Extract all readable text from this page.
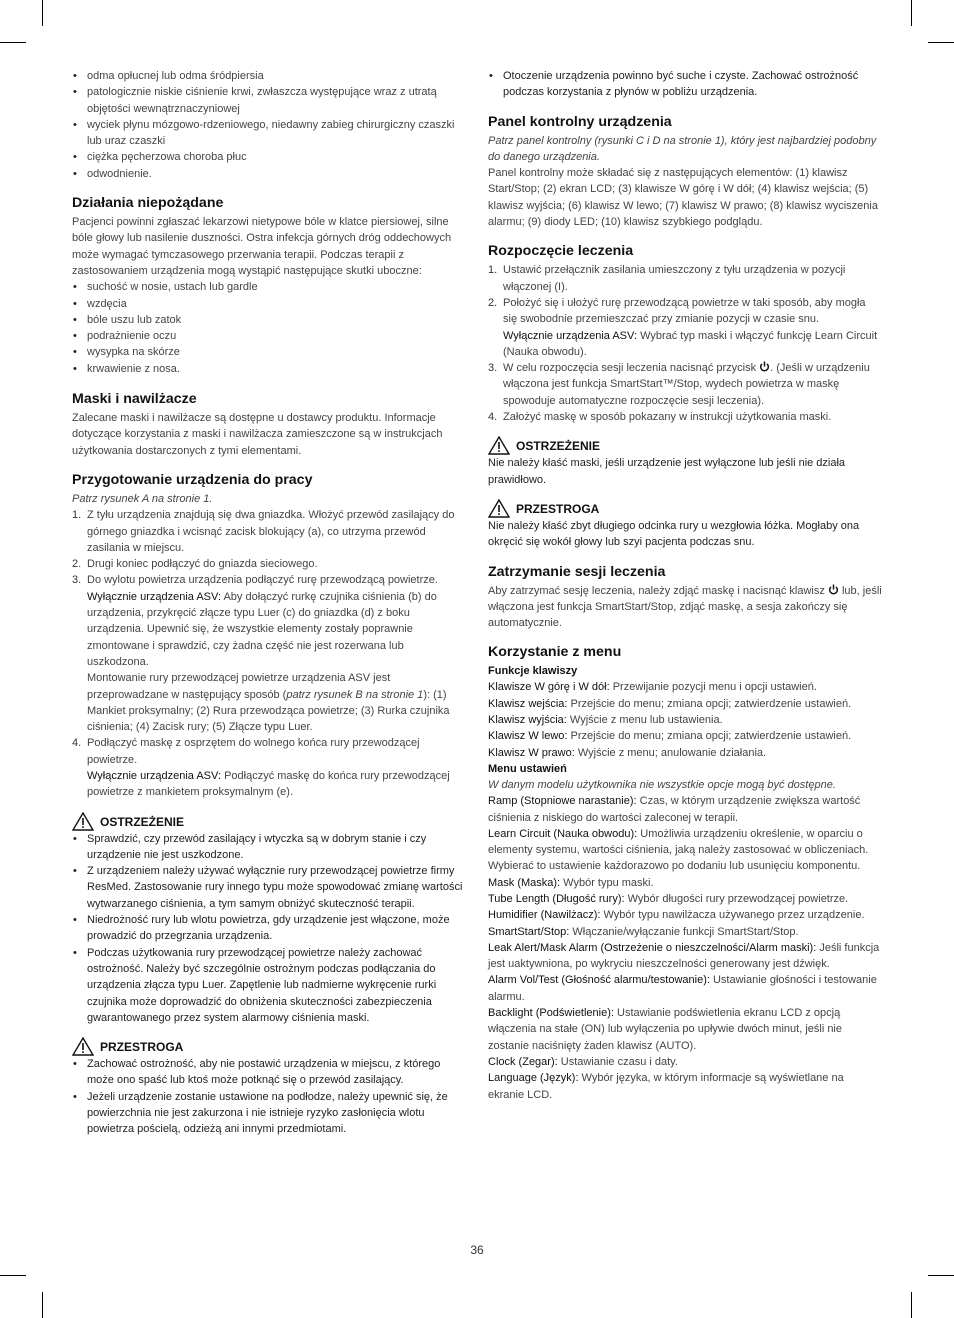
• odma opłucnej lub odma śródpiersia
• patologicznie niskie ciśnienie krwi, zwłaszcza występujące wraz z utratą objętości wewnątrznaczyniowej
• wyciek płynu mózgowo-rdzeniowego, niedawny zabieg chirurgiczny czaszki lub uraz czaszki
• ciężka pęcherzowa choroba płuc
• odwodnienie.
Działania niepożądane

Pacjenci powinni zgłaszać lekarzowi nietypowe bóle w klatce piersiowej, silne bóle głowy lub nasilenie duszności. Ostra infekcja górnych dróg oddechowych może wymagać tymczasowego przerwania terapii. Podczas terapii z zastosowaniem urządzenia mogą wystąpić następujące skutki uboczne:

• suchość w nosie, ustach lub gardle
• wzdęcia
• bóle uszu lub zatok
• podrażnienie oczu
• wysypka na skórze
• krwawienie z nosa.
Maski i nawilżacze

Zalecane maski i nawilżacze są dostępne u dostawcy produktu. Informacje dotyczące korzystania z maski i nawilżacza zamieszczone są w instrukcjach użytkowania dostarczonych z tymi elementami.

Przygotowanie urządzenia do pracy

Patrz rysunek A na stronie 1.

1. Z tyłu urządzenia znajdują się dwa gniazdka. Włożyć przewód zasilający do górnego gniazdka i wcisnąć zacisk blokujący (a), co utrzyma przewód zasilania w miejscu.
2. Drugi koniec podłączyć do gniazda sieciowego.
3. Do wylotu powietrza urządzenia podłączyć rurę przewodzącą powietrze.
Wyłącznie urządzenia ASV: Aby dołączyć rurkę czujnika ciśnienia (b) do urządzenia, przykręcić złącze typu Luer (c) do gniazdka (d) z boku urządzenia. Upewnić się, że wszystkie elementy zostały poprawnie zmontowane i sprawdzić, czy żadna część nie jest rozerwana lub uszkodzona.
Montowanie rury przewodzącej powietrze urządzenia ASV jest przeprowadzane w następujący sposób (patrz rysunek B na stronie 1): (1) Mankiet proksymalny; (2) Rura przewodząca powietrze; (3) Rurka czujnika ciśnienia; (4) Zacisk rury; (5) Złącze typu Luer.
4. Podłączyć maskę z osprzętem do wolnego końca rury przewodzącej powietrze.
Wyłącznie urządzenia ASV: Podłączyć maskę do końca rury przewodzącej powietrze z mankietem proksymalnym (e).
OSTRZEŻENIE
• Sprawdzić, czy przewód zasilający i wtyczka są w dobrym stanie i czy urządzenie nie jest uszkodzone.
• Z urządzeniem należy używać wyłącznie rury przewodzącej powietrze firmy ResMed. Zastosowanie rury innego typu może spowodować zmianę wartości wytwarzanego ciśnienia, a tym samym obniżyć skuteczność terapii.
• Niedrożność rury lub wlotu powietrza, gdy urządzenie jest włączone, może prowadzić do przegrzania urządzenia.
• Podczas użytkowania rury przewodzącej powietrze należy zachować ostrożność. Należy być szczególnie ostrożnym podczas podłączania do urządzenia złącza typu Luer. Zapętlenie lub nadmierne wykręcenie rurki czujnika może doprowadzić do obniżenia skuteczności zabezpieczenia gwarantowanego przez system alarmowy ciśnienia maski.
PRZESTROGA
• Zachować ostrożność, aby nie postawić urządzenia w miejscu, z którego może ono spaść lub ktoś może potknąć się o przewód zasilający.
• Jeżeli urządzenie zostanie ustawione na podłodze, należy upewnić się, że powierzchnia nie jest zakurzona i nie istnieje ryzyko zasłonięcia wlotu powietrza pościelą, odzieżą ani innymi przedmiotami.
• Otoczenie urządzenia powinno być suche i czyste. Zachować ostrożność podczas korzystania z płynów w pobliżu urządzenia.
Panel kontrolny urządzenia

Patrz panel kontrolny (rysunki C i D na stronie 1), który jest najbardziej podobny do danego urządzenia.

Panel kontrolny może składać się z następujących elementów: (1) klawisz Start/Stop; (2) ekran LCD; (3) klawisze W górę i W dół; (4) klawisz wejścia; (5) klawisz wyjścia; (6) klawisz W lewo; (7) klawisz W prawo; (8) klawisz wyciszenia alarmu; (9) diody LED; (10) klawisz szybkiego podglądu.

Rozpoczęcie leczenia
1. Ustawić przełącznik zasilania umieszczony z tyłu urządzenia w pozycji włączonej (I).
2. Położyć się i ułożyć rurę przewodzącą powietrze w taki sposób, aby mogła się swobodnie przemieszczać przy zmianie pozycji w czasie snu.
Wyłącznie urządzenia ASV: Wybrać typ maski i włączyć funkcję Learn Circuit (Nauka obwodu).
3. W celu rozpoczęcia sesji leczenia nacisnąć przycisk . (Jeśli w urządzeniu włączona jest funkcja SmartStart™/Stop, wydech powietrza w maskę spowoduje automatyczne rozpoczęcie sesji leczenia).
4. Założyć maskę w sposób pokazany w instrukcji użytkowania maski.
OSTRZEŻENIE

Nie należy kłaść maski, jeśli urządzenie jest wyłączone lub jeśli nie działa prawidłowo.

PRZESTROGA

Nie należy kłaść zbyt długiego odcinka rury u wezgłowia łóżka. Mogłaby ona okręcić się wokół głowy lub szyi pacjenta podczas snu.

Zatrzymanie sesji leczenia

Aby zatrzymać sesję leczenia, należy zdjąć maskę i nacisnąć klawisz  lub, jeśli włączona jest funkcja SmartStart/Stop, zdjąć maskę, a sesja zakończy się automatycznie.

Korzystanie z menu
Funkcje klawiszy

Klawisze W górę i W dół: Przewijanie pozycji menu i opcji ustawień.

Klawisz wejścia: Przejście do menu; zmiana opcji; zatwierdzenie ustawień.

Klawisz wyjścia: Wyjście z menu lub ustawienia.

Klawisz W lewo: Przejście do menu; zmiana opcji; zatwierdzenie ustawień.

Klawisz W prawo: Wyjście z menu; anulowanie działania.

Menu ustawień

W danym modelu użytkownika nie wszystkie opcje mogą być dostępne.

Ramp (Stopniowe narastanie): Czas, w którym urządzenie zwiększa wartość ciśnienia z niskiego do wartości zaleconej w terapii.

Learn Circuit (Nauka obwodu): Umożliwia urządzeniu określenie, w oparciu o elementy systemu, wartości ciśnienia, jaką należy zastosować w obliczeniach. Wybierać to ustawienie każdorazowo po dodaniu lub usunięciu komponentu.

Mask (Maska): Wybór typu maski.

Tube Length (Długość rury): Wybór długości rury przewodzącej powietrze.

Humidifier (Nawilżacz): Wybór typu nawilżacza używanego przez urządzenie.

SmartStart/Stop: Włączanie/wyłączanie funkcji SmartStart/Stop.

Leak Alert/Mask Alarm (Ostrzeżenie o nieszczelności/Alarm maski): Jeśli funkcja jest uaktywniona, po wykryciu nieszczelności generowany jest dźwięk.

Alarm Vol/Test (Głośność alarmu/testowanie): Ustawianie głośności i testowanie alarmu.

Backlight (Podświetlenie): Ustawianie podświetlenia ekranu LCD z opcją włączenia na stałe (ON) lub wyłączenia po upływie dwóch minut, jeśli nie zostanie naciśnięty żaden klawisz (AUTO).

Clock (Zegar): Ustawianie czasu i daty.

Language (Język): Wybór języka, w którym informacje są wyświetlane na ekranie LCD.

36
